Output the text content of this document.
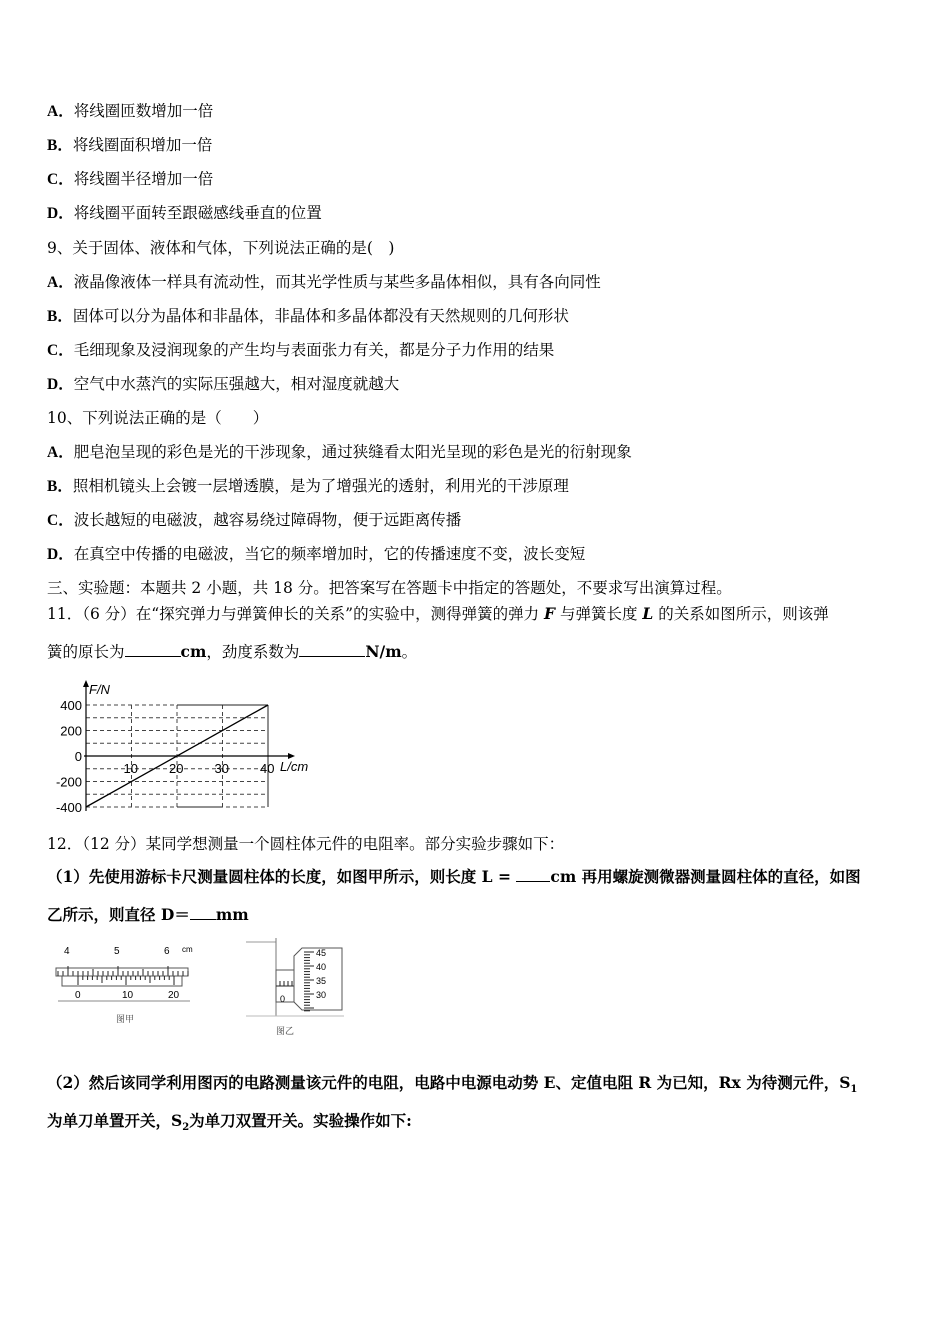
A．将线圈匝数增加一倍
B．将线圈面积增加一倍
C．将线圈半径增加一倍
D．将线圈平面转至跟磁感线垂直的位置
9、关于固体、液体和气体，下列说法正确的是(　)
A．液晶像液体一样具有流动性，而其光学性质与某些多晶体相似，具有各向同性
B．固体可以分为晶体和非晶体，非晶体和多晶体都没有天然规则的几何形状
C．毛细现象及浸润现象的产生均与表面张力有关，都是分子力作用的结果
D．空气中水蒸汽的实际压强越大，相对湿度就越大
10、下列说法正确的是（　　）
A．肥皂泡呈现的彩色是光的干涉现象，通过狭缝看太阳光呈现的彩色是光的衍射现象
B．照相机镜头上会镀一层增透膜，是为了增强光的透射，利用光的干涉原理
C．波长越短的电磁波，越容易绕过障碍物，便于远距离传播
D．在真空中传播的电磁波，当它的频率增加时，它的传播速度不变，波长变短
三、实验题：本题共 2 小题，共 18 分。把答案写在答题卡中指定的答题处，不要求写出演算过程。
11．（6 分）在“探究弹力与弹簧伸长的关系”的实验中，测得弹簧的弹力 F 与弹簧长度 L 的关系如图所示，则该弹
簧的原长为	cm，劲度系数为	N/m。
F/N
L/cm
400
200
0
-200
-400
10 20 30 40
12．（12 分）某同学想测量一个圆柱体元件的电阻率。部分实验步骤如下：
（1）先使用游标卡尺测量圆柱体的长度，如图甲所示，则长度 L = cm 再用螺旋测微器测量圆柱体的直径，如图
乙所示，则直径 D＝ mm
4	5	6 cm
0	10	20
图甲
0
45
40
35
30
图乙
（2）然后该同学利用图丙的电路测量该元件的电阻，电路中电源电动势 E、定值电阻 R 为已知，Rx 为待测元件，$S_1$
为单刀单置开关，$S_2$为单刀双置开关。实验操作如下:
